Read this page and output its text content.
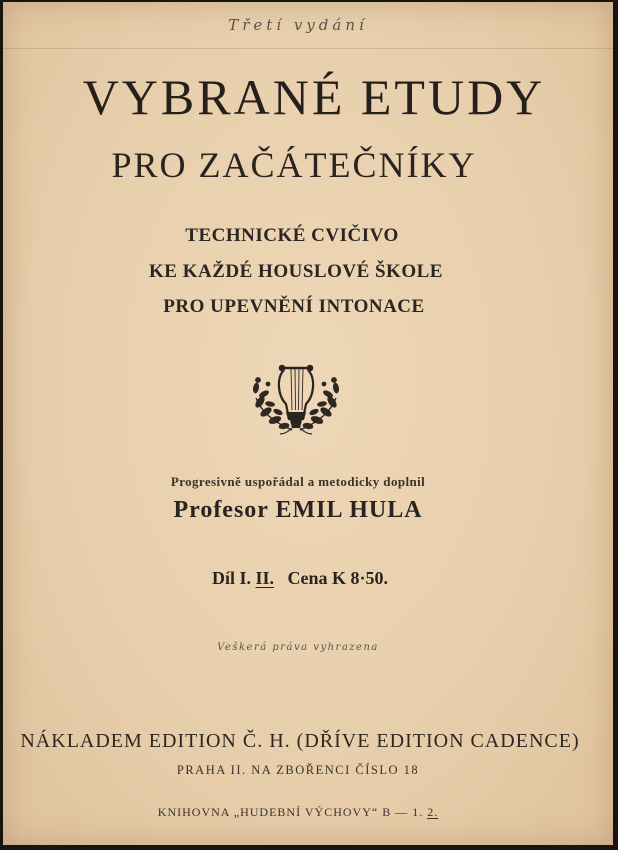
Třetí vydání
VYBRANÉ ETUDY
PRO ZAČÁTEČNÍKY
TECHNICKÉ CVIČIVO
KE KAŽDÉ HOUSLOVÉ ŠKOLE
PRO UPEVNĚNÍ INTONACE
Progresivně uspořádal a metodicky doplnil
Profesor EMIL HULA
Díl I. II. Cena K 8·50.
Veškerá práva vyhrazena
NÁKLADEM EDITION Č. H. (DŘÍVE EDITION CADENCE)
PRAHA II. NA ZBOŘENCI ČÍSLO 18
KNIHOVNA „HUDEBNÍ VÝCHOVY“ B — 1. 2.
